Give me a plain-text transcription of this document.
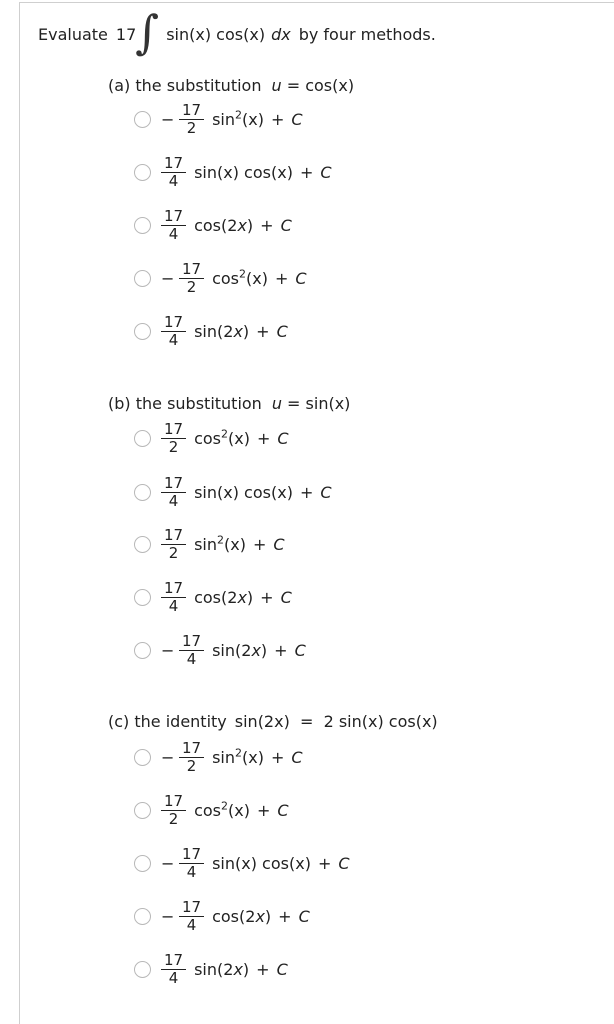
Evaluate 17 ∫ sin(x) cos(x) dx by four methods.
(a) the substitution u = cos(x)
− $\frac{17}{2} \sin^2(x) + C$
$\frac{17}{4} \sin(x) \cos(x) + C$
$\frac{17}{4} \cos(2x) + C$
− $\frac{17}{2} \cos^2(x) + C$
$\frac{17}{4} \sin(2x) + C$
(b) the substitution u = sin(x)
$\frac{17}{2} \cos^2(x) + C$
$\frac{17}{4} \sin(x) \cos(x) + C$
$\frac{17}{2} \sin^2(x) + C$
$\frac{17}{4} \cos(2x) + C$
− $\frac{17}{4} \sin(2x) + C$
(c) the identity sin(2x)  =  2 sin(x) cos(x)
− $\frac{17}{2} \sin^2(x) + C$
$\frac{17}{2} \cos^2(x) + C$
− $\frac{17}{4} \sin(x) \cos(x) + C$
− $\frac{17}{4} \cos(2x) + C$
$\frac{17}{4} \sin(2x) + C$
